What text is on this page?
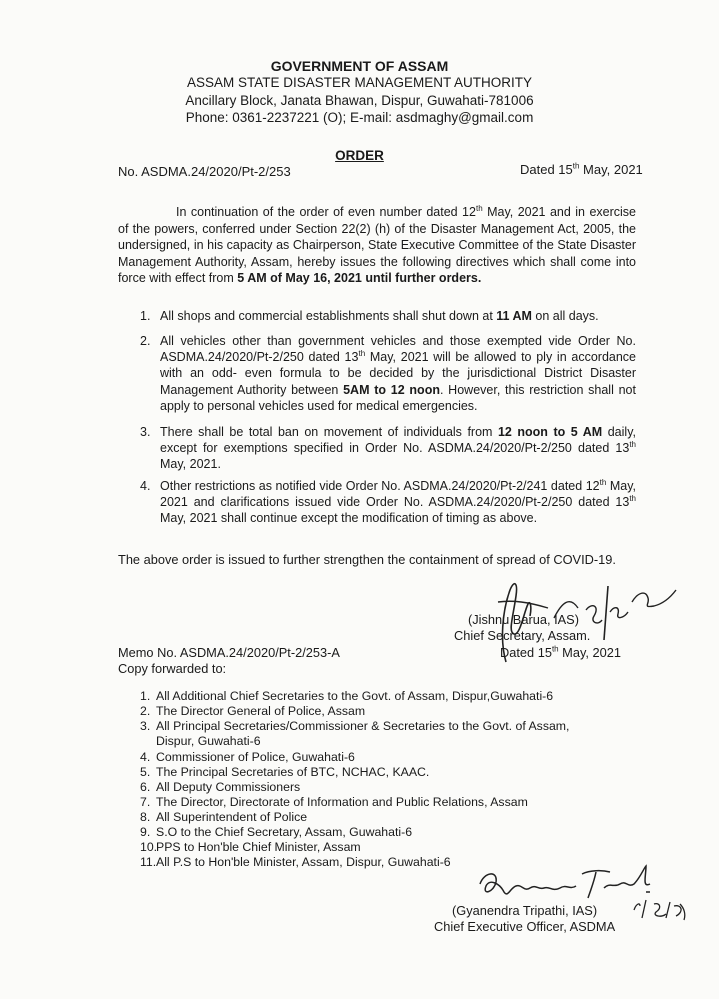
GOVERNMENT OF ASSAM
ASSAM STATE DISASTER MANAGEMENT AUTHORITY
Ancillary Block, Janata Bhawan, Dispur, Guwahati-781006
Phone: 0361-2237221 (O); E-mail: asdmaghy@gmail.com
ORDER
No. ASDMA.24/2020/Pt-2/253	Dated 15th May, 2021
In continuation of the order of even number dated 12th May, 2021 and in exercise of the powers, conferred under Section 22(2) (h) of the Disaster Management Act, 2005, the undersigned, in his capacity as Chairperson, State Executive Committee of the State Disaster Management Authority, Assam, hereby issues the following directives which shall come into force with effect from 5 AM of May 16, 2021 until further orders.
1. All shops and commercial establishments shall shut down at 11 AM on all days.
2. All vehicles other than government vehicles and those exempted vide Order No. ASDMA.24/2020/Pt-2/250 dated 13th May, 2021 will be allowed to ply in accordance with an odd- even formula to be decided by the jurisdictional District Disaster Management Authority between 5AM to 12 noon. However, this restriction shall not apply to personal vehicles used for medical emergencies.
3. There shall be total ban on movement of individuals from 12 noon to 5 AM daily, except for exemptions specified in Order No. ASDMA.24/2020/Pt-2/250 dated 13th May, 2021.
4. Other restrictions as notified vide Order No. ASDMA.24/2020/Pt-2/241 dated 12th May, 2021 and clarifications issued vide Order No. ASDMA.24/2020/Pt-2/250 dated 13th May, 2021 shall continue except the modification of timing as above.
The above order is issued to further strengthen the containment of spread of COVID-19.
(Jishnu Barua, IAS)
Chief Secretary, Assam.
Dated 15th May, 2021
Memo No. ASDMA.24/2020/Pt-2/253-A
Copy forwarded to:
1. All Additional Chief Secretaries to the Govt. of Assam, Dispur,Guwahati-6
2. The Director General of Police, Assam
3. All Principal Secretaries/Commissioner & Secretaries to the Govt. of Assam,
Dispur, Guwahati-6
4. Commissioner of Police, Guwahati-6
5. The Principal Secretaries of BTC, NCHAC, KAAC.
6. All Deputy Commissioners
7. The Director, Directorate of Information and Public Relations, Assam
8. All Superintendent of Police
9. S.O to the Chief Secretary, Assam, Guwahati-6
10.PPS to Hon'ble Chief Minister, Assam
11.All P.S to Hon'ble Minister, Assam, Dispur, Guwahati-6
(Gyanendra Tripathi, IAS)
Chief Executive Officer, ASDMA
